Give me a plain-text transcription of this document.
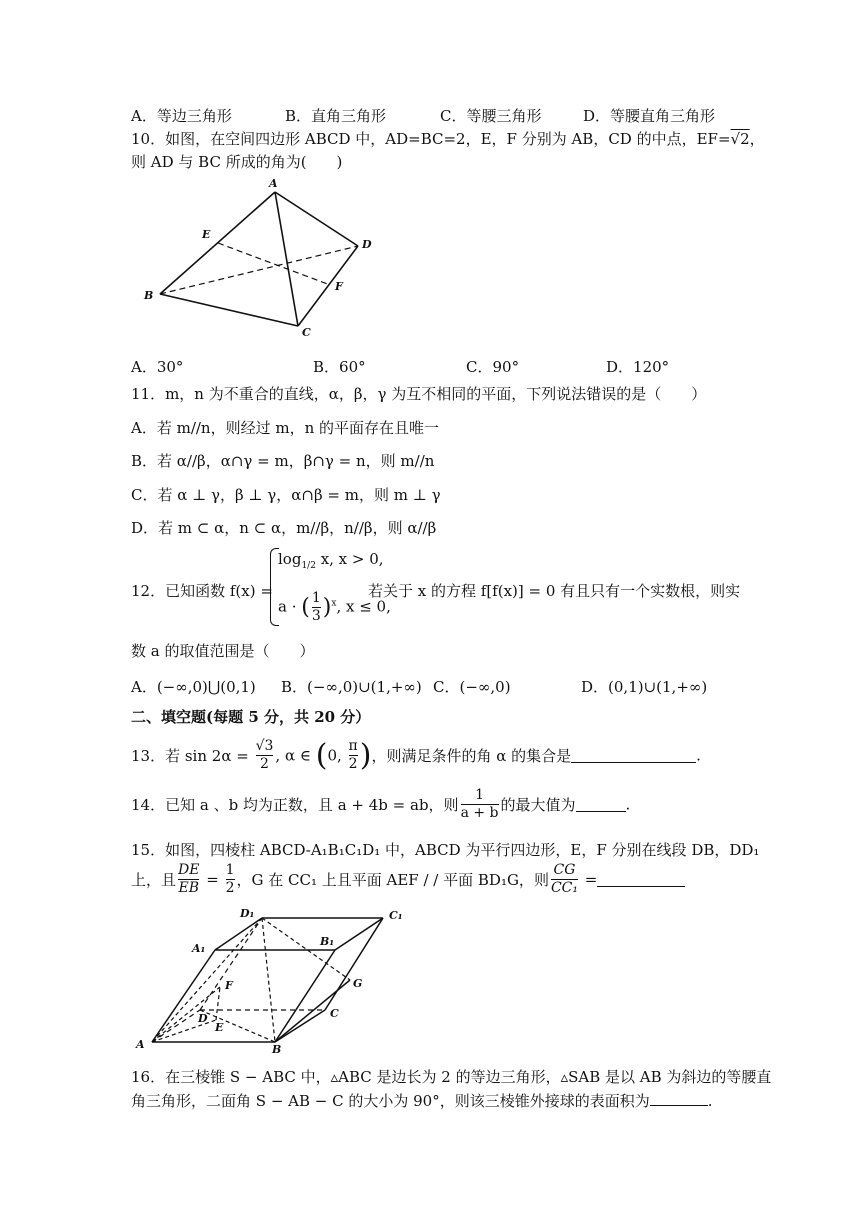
A．等边三角形	B．直角三角形	C．等腰三角形	D．等腰直角三角形
10．如图，在空间四边形 ABCD 中，AD=BC=2，E，F 分别为 AB，CD 的中点，EF=√2，
则 AD 与 BC 所成的角为(　　)
A
E
D
B
F
C
A．30°	B．60°	C．90°	D．120°
11．m，n 为不重合的直线，α，β，γ 为互不相同的平面，下列说法错误的是（　　）
A．若 m//n，则经过 m，n 的平面存在且唯一
B．若 α//β，α∩γ = m，β∩γ = n，则 m//n
C．若 α ⊥ γ，β ⊥ γ，α∩β = m，则 m ⊥ γ
D．若 m ⊂ α，n ⊂ α，m//β，n//β，则 α//β
12．已知函数 f(x) =
$\log_{1/2} x$, x > 0,
a · ( $\frac{1}{3} )^x$, x ≤ 0,
若关于 x 的方程 f[f(x)] = 0 有且只有一个实数根，则实
数 a 的取值范围是（　　）
A．(−∞,0)⋃(0,1) B．(−∞,0)∪(1,+∞) C．(−∞,0)	D．(0,1)∪(1,+∞)
二、填空题(每题 5 分，共 20 分）
13．若 $\sin 2\alpha = \frac{√3}{2}$ , α ∈ (0, $\frac{\pi}{2}$ )，则满足条件的角 α 的集合是	.
14．已知 a 、b 均为正数，且 a + 4b = ab，则 $\frac{1}{a + b}$ 的最大值为	.
15．如图，四棱柱 ABCD-A₁B₁C₁D₁ 中，ABCD 为平行四边形，E，F 分别在线段 DB，DD₁
上，且 $\frac{DE}{EB} = \frac{1}{2}$ ，G 在 CC₁ 上且平面 AEF / / 平面 BD₁G，则 $\frac{CG}{\text{CC₁}}$ =
D₁	C₁
A₁
B₁
F	G
D
E
C
A	B
16．在三棱锥 S − ABC 中，▵ABC 是边长为 2 的等边三角形，▵SAB 是以 AB 为斜边的等腰直
角三角形，二面角 S − AB − C 的大小为 90°，则该三棱锥外接球的表面积为	.
